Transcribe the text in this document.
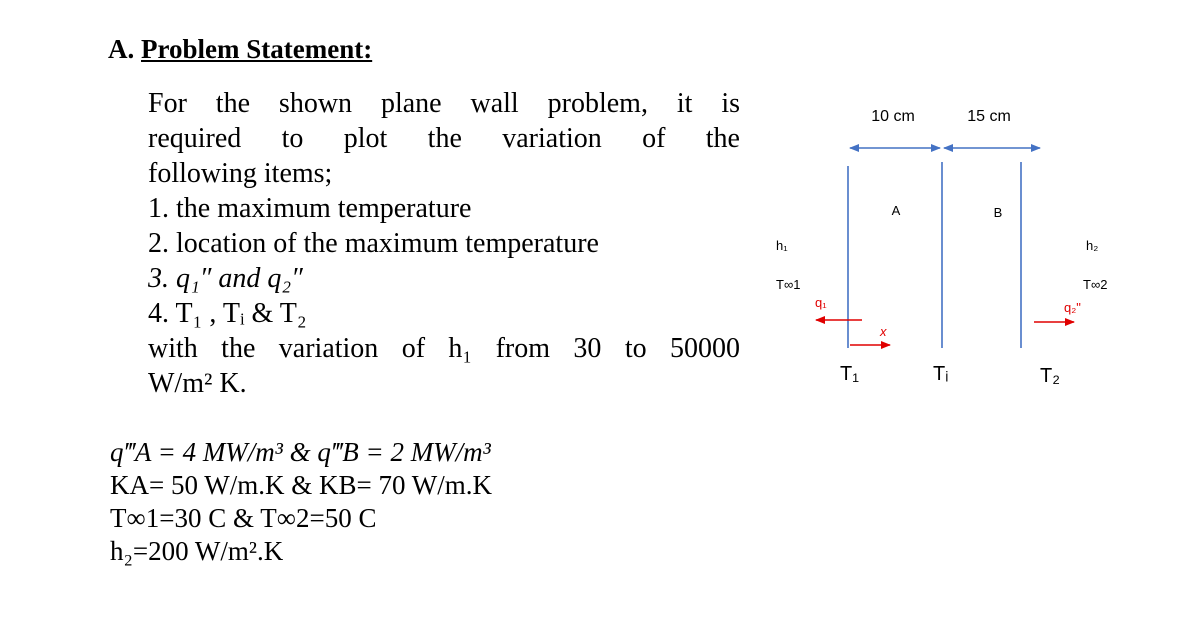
A. Problem Statement:
For the shown plane wall problem, it is
required to plot the variation of the
following items;
1. the maximum temperature
2. location of the maximum temperature
3. q₁″ and q₂″
4. T₁ , Tᵢ & T₂
with the variation of h₁ from 30 to 50000
W/m² K.
q‴A = 4 MW/m³ & q‴B = 2 MW/m³
KA= 50 W/m.K & KB= 70 W/m.K
T∞1=30 C & T∞2=50 C
h₂=200 W/m².K
10 cm	15 cm
A	B
h₁	h₂
T∞1	T∞2
q₁	q₂"
x
T₁	Tᵢ	T₂
